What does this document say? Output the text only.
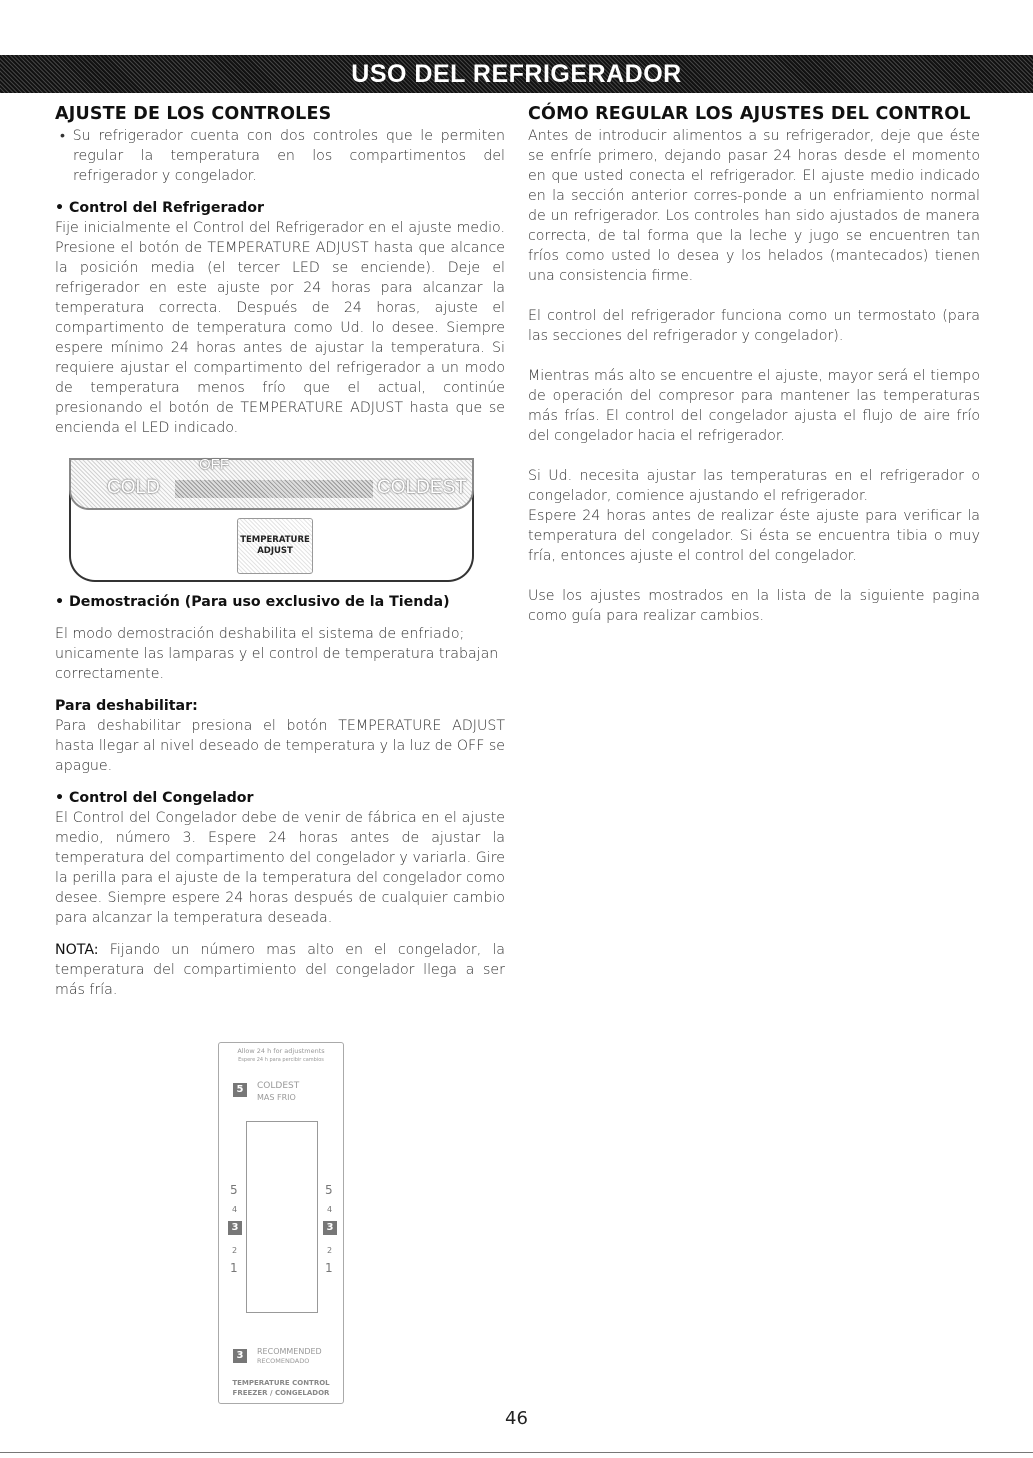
USO DEL REFRIGERADOR
AJUSTE DE LOS CONTROLES

• Su refrigerador cuenta con dos controles que le permiten regular la temperatura en los compartimentos del refrigerador y congelador.

• Control del Refrigerador

Fije inicialmente el Control del Refrigerador en el ajuste medio. Presione el botón de TEMPERATURE ADJUST hasta que alcance la posición media (el tercer LED se enciende). Deje el refrigerador en este ajuste por 24 horas para alcanzar la temperatura correcta. Después de 24 horas, ajuste el compartimento de temperatura como Ud. lo desee. Siempre espere mínimo 24 horas antes de ajustar la temperatura. Si requiere ajustar el compartimento del refrigerador a un modo de temperatura menos frío que el actual, continúe presionando el botón de TEMPERATURE ADJUST hasta que se encienda el LED indicado.

OFF
COLD	COLDEST
TEMPERATURE
ADJUST
• Demostración (Para uso exclusivo de la Tienda)

El modo demostración deshabilita el sistema de enfriado; unicamente las lamparas y el control de temperatura trabajan correctamente.

Para deshabilitar:

Para deshabilitar presiona el botón TEMPERATURE ADJUST hasta llegar al nivel deseado de temperatura y la luz de OFF se apague.

• Control del Congelador

El Control del Congelador debe de venir de fábrica en el ajuste medio, número 3. Espere 24 horas antes de ajustar la temperatura del compartimento del congelador y variarla. Gire la perilla para el ajuste de la temperatura del congelador como desee. Siempre espere 24 horas después de cualquier cambio para alcanzar la temperatura deseada.

NOTA: Fijando un número mas alto en el congelador, la temperatura del compartimiento del congelador llega a ser más fría.

Allow 24 h for adjustments
Espere 24 h para percibir cambios
5	COLDEST
MAS FRIO
5
4
3
2
1
5
4
3
2
1
3	RECOMMENDED
RECOMENDADO
TEMPERATURE CONTROL
FREEZER / CONGELADOR
CÓMO REGULAR LOS AJUSTES DEL CONTROL

Antes de introducir alimentos a su refrigerador, deje que éste se enfríe primero, dejando pasar 24 horas desde el momento en que usted conecta el refrigerador. El ajuste medio indicado en la sección anterior corres-ponde a un enfriamiento normal de un refrigerador. Los controles han sido ajustados de manera correcta, de tal forma que la leche y jugo se encuentren tan fríos como usted lo desea y los helados (mantecados) tienen una consistencia firme.

El control del refrigerador funciona como un termostato (para las secciones del refrigerador y congelador).

Mientras más alto se encuentre el ajuste, mayor será el tiempo de operación del compresor para mantener las temperaturas más frías. El control del congelador ajusta el flujo de aire frío del congelador hacia el refrigerador.

Si Ud. necesita ajustar las temperaturas en el refrigerador o congelador, comience ajustando el refrigerador.

Espere 24 horas antes de realizar éste ajuste para verificar la temperatura del congelador. Si ésta se encuentra tibia o muy fría, entonces ajuste el control del congelador.

Use los ajustes mostrados en la lista de la siguiente pagina como guía para realizar cambios.

46
